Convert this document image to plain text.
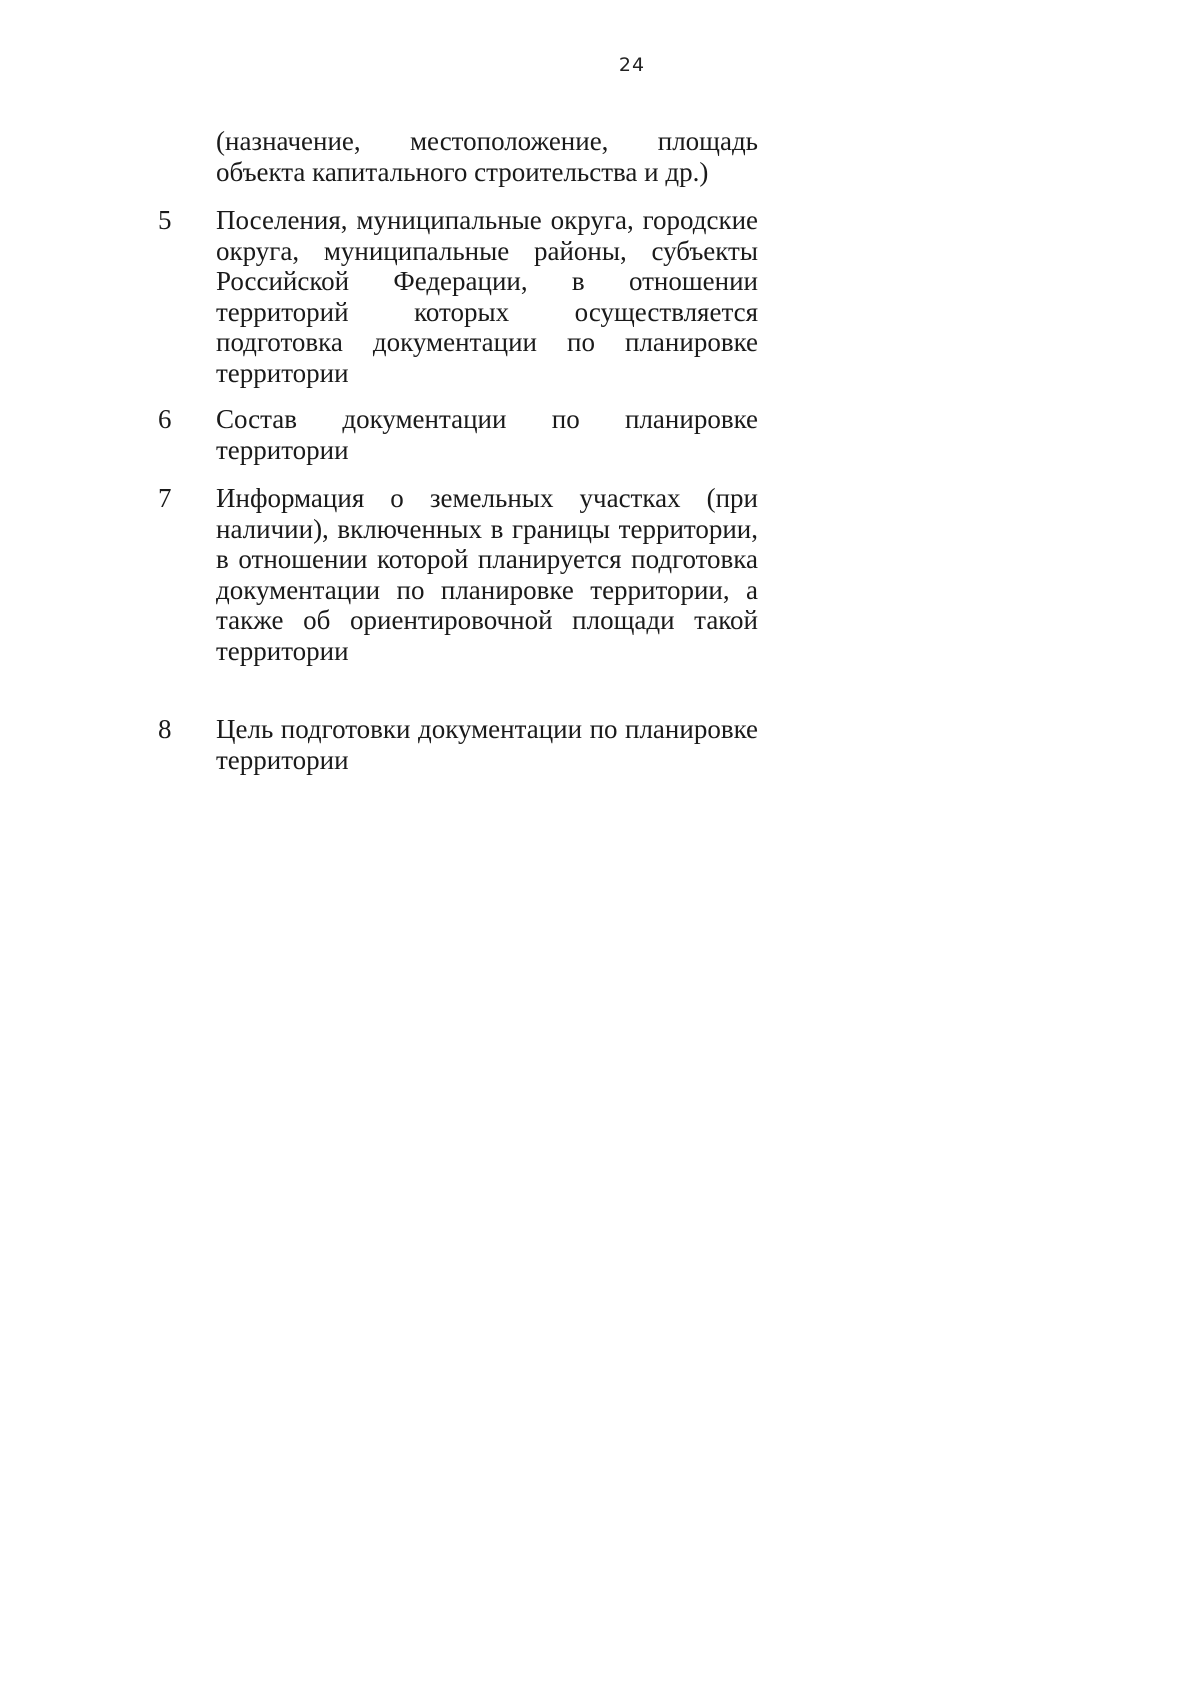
24
(назначение, местоположение, площадь объекта капитального строительства и др.)
5	Поселения, муниципальные округа, городские округа, муниципальные районы, субъекты Российской Федерации, в отношении территорий которых осуществляется подготовка документации по планировке территории
6	Состав документации по планировке территории
7	Информация о земельных участках (при наличии), включенных в границы территории, в отношении которой планируется подготовка документации по планировке территории, а также об ориентировочной площади такой территории
8	Цель подготовки документации по планировке территории
